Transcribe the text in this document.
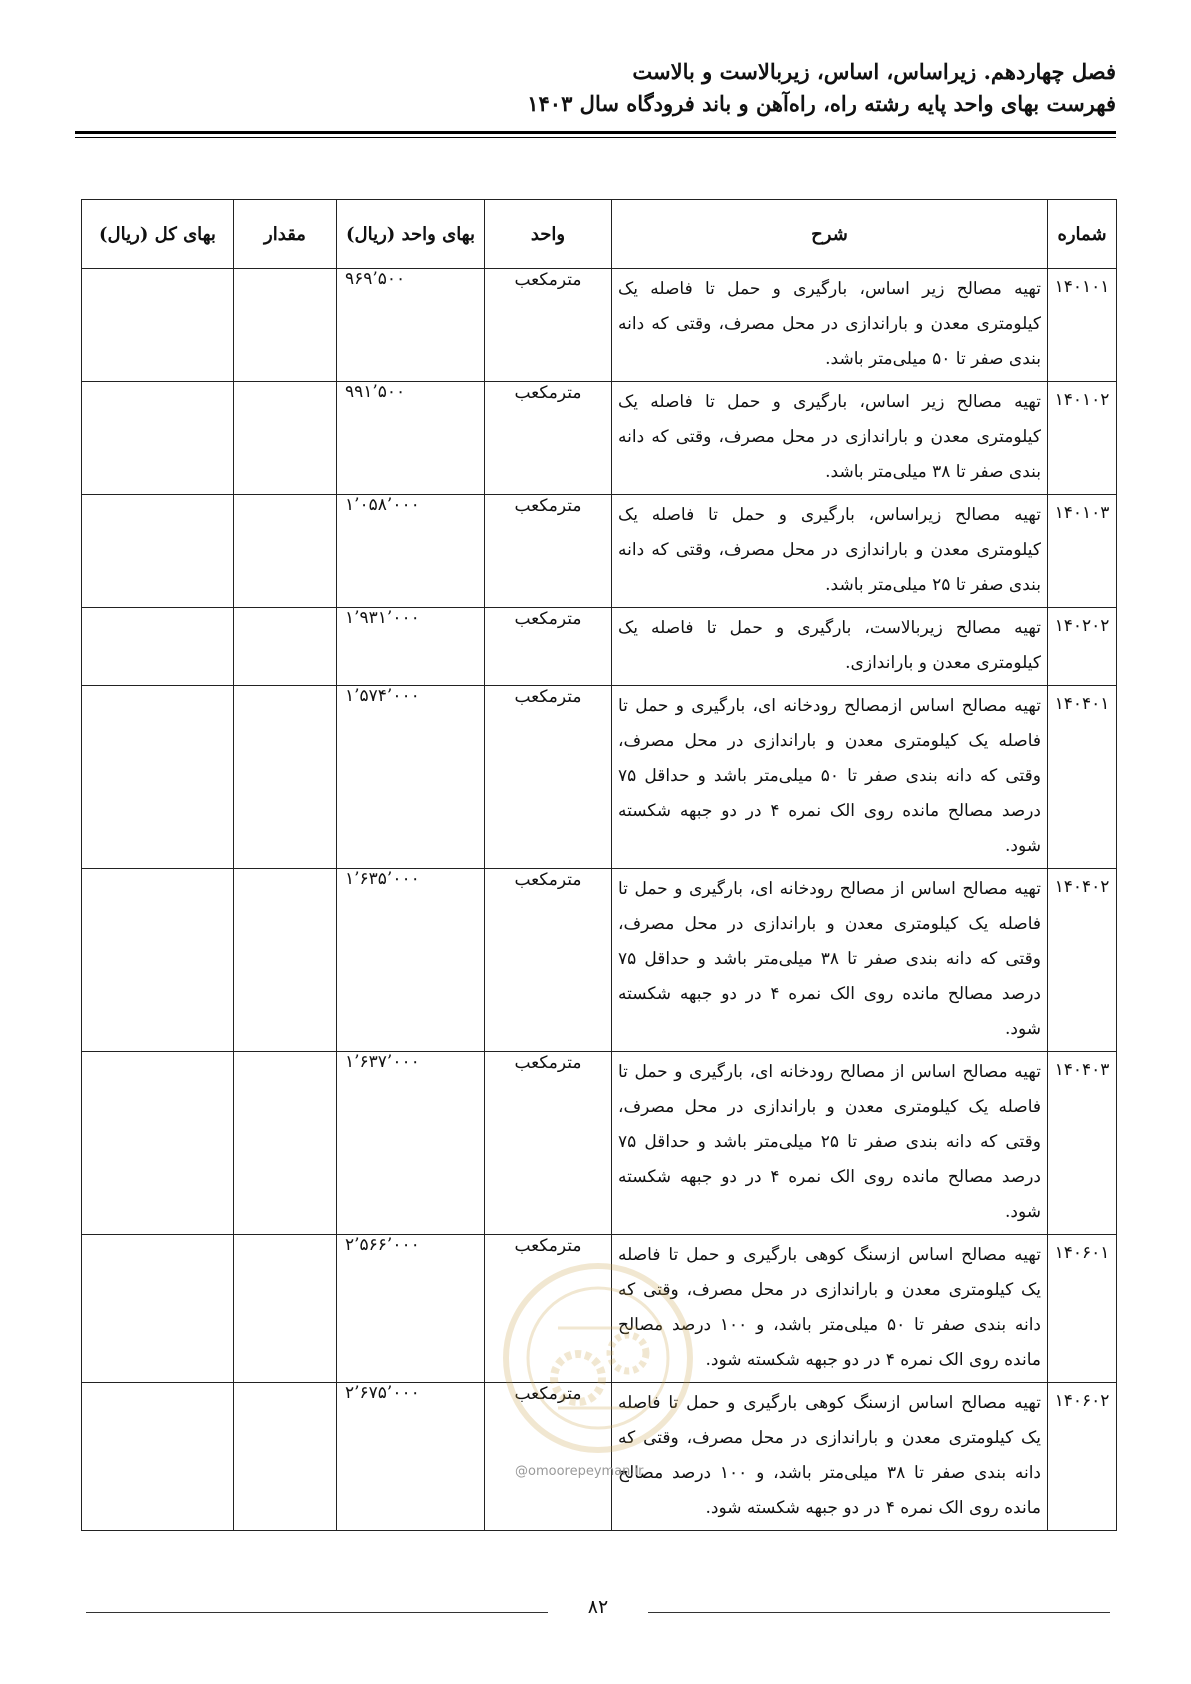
فصل چهاردهم. زیراساس، اساس، زیربالاست و بالاست
فهرست بهای واحد پایه رشته راه، راه‌آهن و باند فرودگاه سال ۱۴۰۳
شماره	شرح	واحد	بهای واحد (ریال)	مقدار	بهای کل (ریال)
۱۴۰۱۰۱	تهیه مصالح زیر اساس، بارگیری و حمل تا فاصله یک کیلومتری معدن و باراندازی در محل مصرف، وقتی که دانه بندی صفر تا ۵۰ میلی‌متر باشد.	مترمکعب	۹۶۹’۵۰۰		
۱۴۰۱۰۲	تهیه مصالح زیر اساس، بارگیری و حمل تا فاصله یک کیلومتری معدن و باراندازی در محل مصرف، وقتی که دانه بندی صفر تا ۳۸ میلی‌متر باشد.	مترمکعب	۹۹۱’۵۰۰		
۱۴۰۱۰۳	تهیه مصالح زیراساس، بارگیری و حمل تا فاصله یک کیلومتری معدن و باراندازی در محل مصرف، وقتی که دانه بندی صفر تا ۲۵ میلی‌متر باشد.	مترمکعب	۱’۰۵۸’۰۰۰		
۱۴۰۲۰۲	تهیه مصالح زیربالاست، بارگیری و حمل تا فاصله یک کیلومتری معدن و باراندازی.	مترمکعب	۱’۹۳۱’۰۰۰		
۱۴۰۴۰۱	تهیه مصالح اساس ازمصالح رودخانه ای، بارگیری و حمل تا فاصله یک کیلومتری معدن و باراندازی در محل مصرف، وقتی که دانه بندی صفر تا ۵۰ میلی‌متر باشد و حداقل ۷۵ درصد مصالح مانده روی الک نمره ۴ در دو جبهه شکسته شود.	مترمکعب	۱’۵۷۴’۰۰۰		
۱۴۰۴۰۲	تهیه مصالح اساس از مصالح رودخانه ای، بارگیری و حمل تا فاصله یک کیلومتری معدن و باراندازی در محل مصرف، وقتی که دانه بندی صفر تا ۳۸ میلی‌متر باشد و حداقل ۷۵ درصد مصالح مانده روی الک نمره ۴ در دو جبهه شکسته شود.	مترمکعب	۱’۶۳۵’۰۰۰		
۱۴۰۴۰۳	تهیه مصالح اساس از مصالح رودخانه ای، بارگیری و حمل تا فاصله یک کیلومتری معدن و باراندازی در محل مصرف، وقتی که دانه بندی صفر تا ۲۵ میلی‌متر باشد و حداقل ۷۵ درصد مصالح مانده روی الک نمره ۴ در دو جبهه شکسته شود.	مترمکعب	۱’۶۳۷’۰۰۰		
۱۴۰۶۰۱	تهیه مصالح اساس ازسنگ کوهی بارگیری و حمل تا فاصله یک کیلومتری معدن و باراندازی در محل مصرف، وقتی که دانه بندی صفر تا ۵۰ میلی‌متر باشد، و ۱۰۰ درصد مصالح مانده روی الک نمره ۴ در دو جبهه شکسته شود.	مترمکعب	۲’۵۶۶’۰۰۰		
۱۴۰۶۰۲	تهیه مصالح اساس ازسنگ کوهی بارگیری و حمل تا فاصله یک کیلومتری معدن و باراندازی در محل مصرف، وقتی که دانه بندی صفر تا ۳۸ میلی‌متر باشد، و ۱۰۰ درصد مصالح مانده روی الک نمره ۴ در دو جبهه شکسته شود.	مترمکعب	۲’۶۷۵’۰۰۰		
@omoorepeyman.ir
۸۲
